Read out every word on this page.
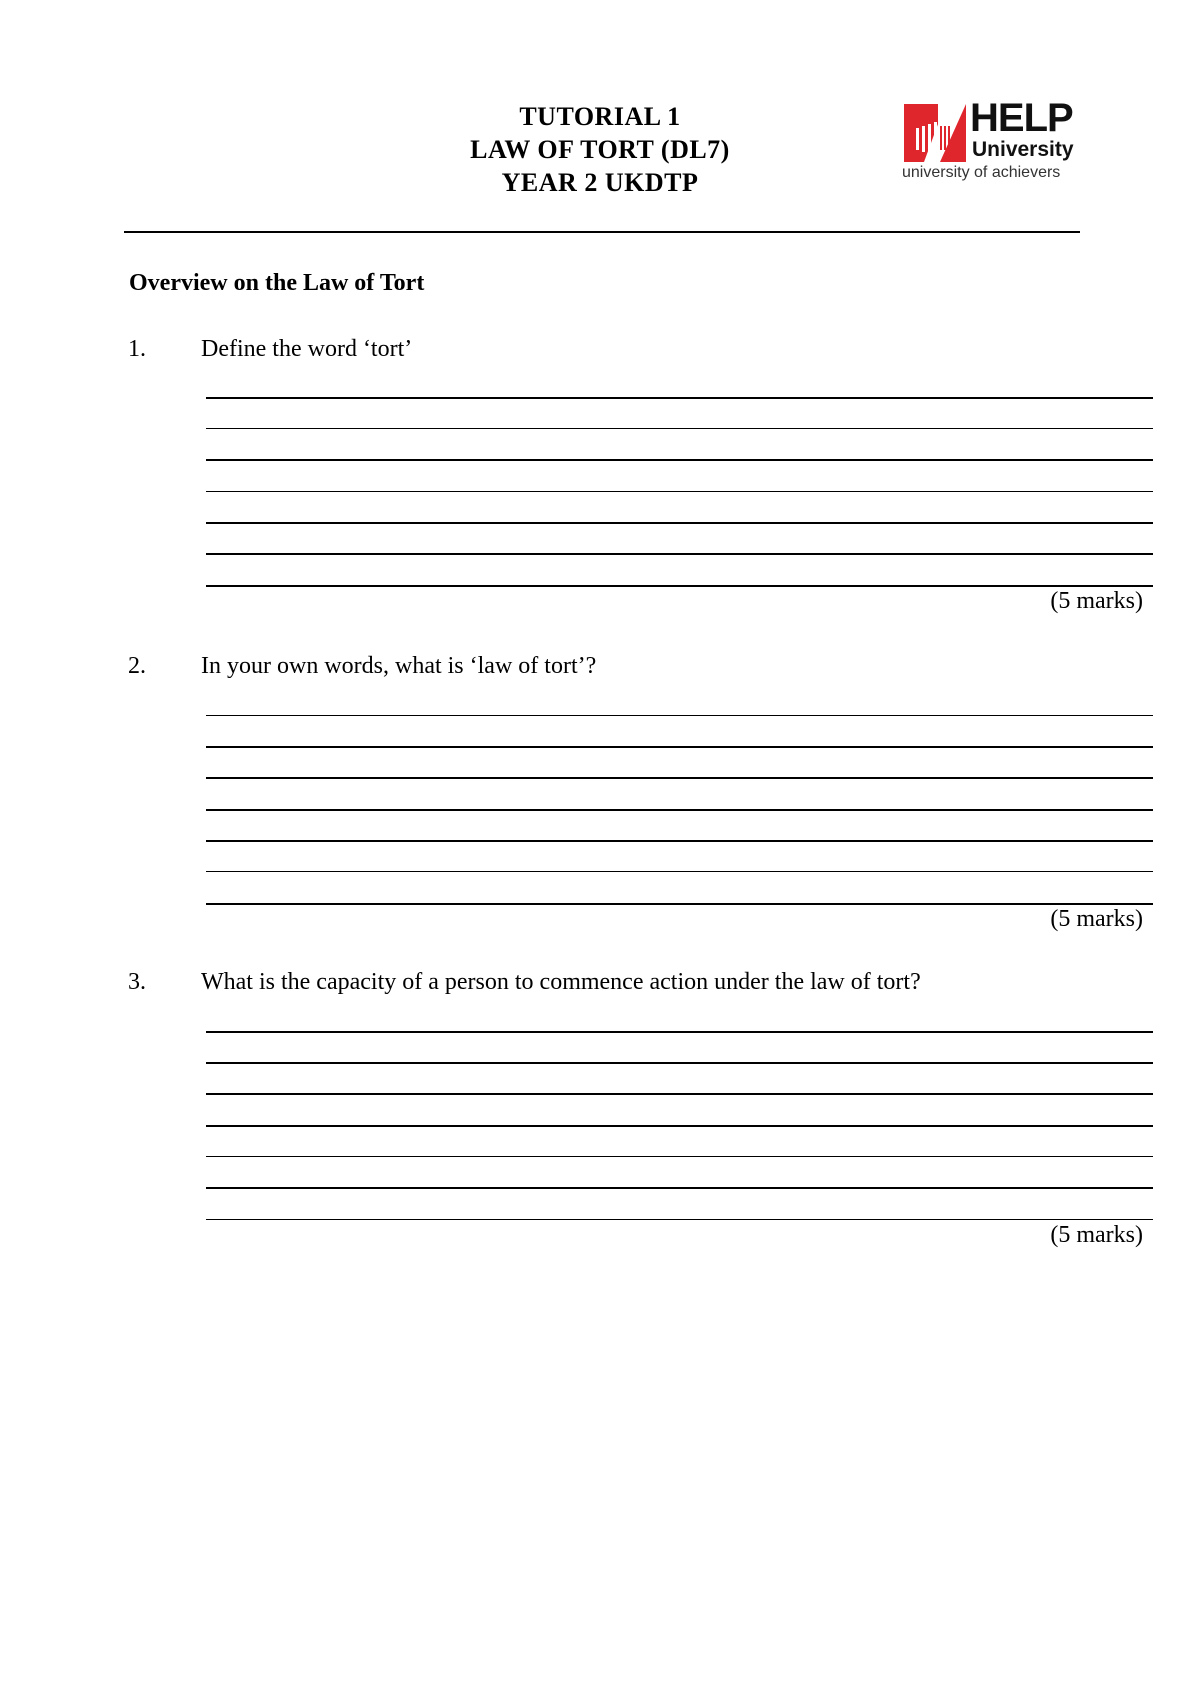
TUTORIAL 1
LAW OF TORT (DL7)
YEAR 2 UKDTP
HELP
University
university of achievers
Overview on the Law of Tort
1. Define the word ‘tort’
(5 marks)
2. In your own words, what is ‘law of tort’?
(5 marks)
3. What is the capacity of a person to commence action under the law of tort?
(5 marks)
